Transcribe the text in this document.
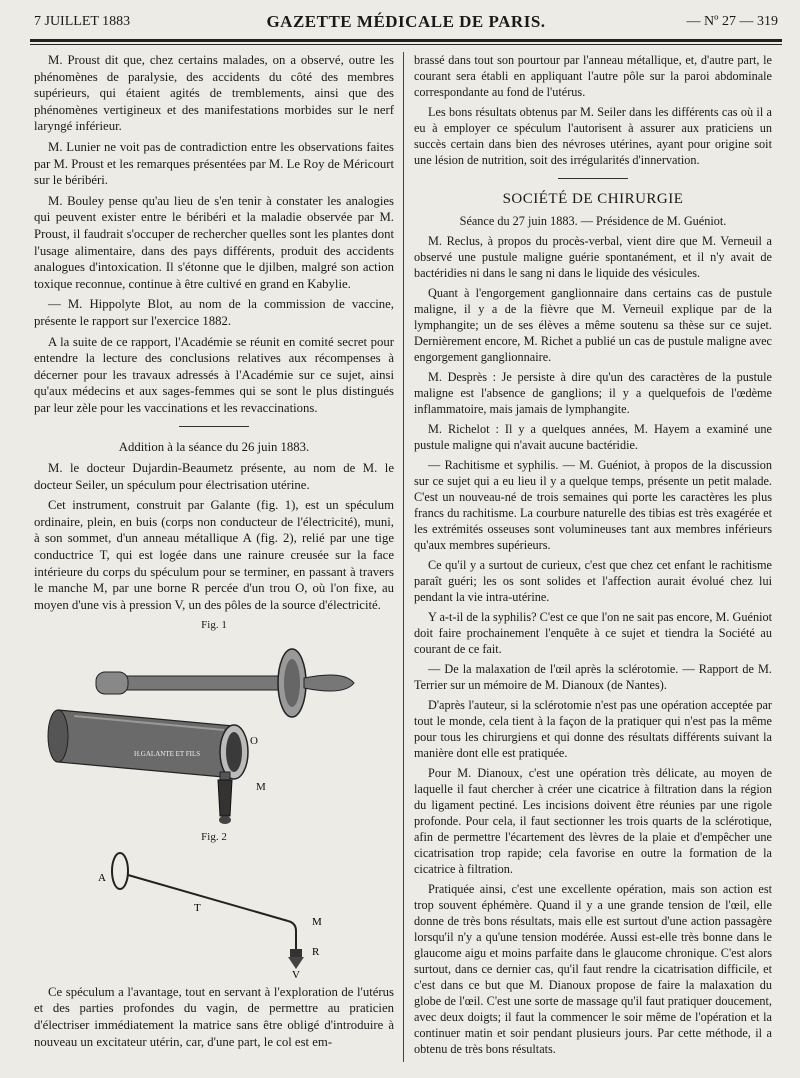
7 JUILLET 1883	GAZETTE MÉDICALE DE PARIS.	— Nº 27 — 319

M. Proust dit que, chez certains malades, on a observé, outre les phénomènes de paralysie, des accidents du côté des membres supérieurs, qui étaient agités de tremblements, ainsi que des phénomènes vertigineux et des manifestations morbides sur le nerf laryngé inférieur.

M. Lunier ne voit pas de contradiction entre les observations faites par M. Proust et les remarques présentées par M. Le Roy de Méricourt sur le béribéri.

M. Bouley pense qu'au lieu de s'en tenir à constater les analogies qui peuvent exister entre le béribéri et la maladie observée par M. Proust, il faudrait s'occuper de rechercher quelles sont les plantes dont l'usage alimentaire, dans des pays différents, produit des accidents analogues d'intoxication. Il s'étonne que le djilben, malgré son action toxique reconnue, continue à être cultivé en grand en Kabylie.

— M. Hippolyte Blot, au nom de la commission de vaccine, présente le rapport sur l'exercice 1882.

A la suite de ce rapport, l'Académie se réunit en comité secret pour entendre la lecture des conclusions relatives aux récompenses à décerner pour les travaux adressés à l'Académie sur ce sujet, ainsi qu'aux médecins et aux sages-femmes qui se sont le plus distingués par leur zèle pour les vaccinations et les revaccinations.

Addition à la séance du 26 juin 1883.

M. le docteur Dujardin-Beaumetz présente, au nom de M. le docteur Seiler, un spéculum pour électrisation utérine.

Cet instrument, construit par Galante (fig. 1), est un spéculum ordinaire, plein, en buis (corps non conducteur de l'électricité), muni, à son sommet, d'un anneau métallique A (fig. 2), relié par une tige conductrice T, qui est logée dans une rainure creusée sur la face intérieure du corps du spéculum pour se terminer, en passant à travers le manche M, par une borne R percée d'un trou O, où l'on fixe, au moyen d'une vis à pression V, un des pôles de la source d'électricité.

Fig. 1

H.GALANTE ET FILS
O
M

Fig. 2

A
T
M
R
V

Ce spéculum a l'avantage, tout en servant à l'exploration de l'utérus et des parties profondes du vagin, de permettre au praticien d'électriser immédiatement la matrice sans être obligé d'introduire à nouveau un excitateur utérin, car, d'une part, le col est em-

brassé dans tout son pourtour par l'anneau métallique, et, d'autre part, le courant sera établi en appliquant l'autre pôle sur la paroi abdominale correspondante au fond de l'utérus.

Les bons résultats obtenus par M. Seiler dans les différents cas où il a eu à employer ce spéculum l'autorisent à assurer aux praticiens un succès certain dans bien des névroses utérines, ayant pour origine soit une lésion de nutrition, soit des irrégularités d'innervation.

SOCIÉTÉ DE CHIRURGIE

Séance du 27 juin 1883. — Présidence de M. Guéniot.

M. Reclus, à propos du procès-verbal, vient dire que M. Verneuil a observé une pustule maligne guérie spontanément, et il n'y avait de bactéridies ni dans le sang ni dans le liquide des vésicules.

Quant à l'engorgement ganglionnaire dans certains cas de pustule maligne, il y a de la fièvre que M. Verneuil explique par de la lymphangite; un de ses élèves a même soutenu sa thèse sur ce sujet. Dernièrement encore, M. Richet a publié un cas de pustule maligne avec engorgement ganglionnaire.

M. Desprès : Je persiste à dire qu'un des caractères de la pustule maligne est l'absence de ganglions; il y a quelquefois de l'œdème inflammatoire, mais jamais de lymphangite.

M. Richelot : Il y a quelques années, M. Hayem a examiné une pustule maligne qui n'avait aucune bactéridie.

— Rachitisme et syphilis. — M. Guéniot, à propos de la discussion sur ce sujet qui a eu lieu il y a quelque temps, présente un petit malade. C'est un nouveau-né de trois semaines qui porte les caractères les plus francs du rachitisme. La courbure naturelle des tibias est très exagérée et les extrémités osseuses sont volumineuses tant aux membres inférieurs qu'aux membres supérieurs.

Ce qu'il y a surtout de curieux, c'est que chez cet enfant le rachitisme paraît guéri; les os sont solides et l'affection aurait évolué chez lui pendant la vie intra-utérine.

Y a-t-il de la syphilis? C'est ce que l'on ne sait pas encore, M. Guéniot doit faire prochainement l'enquête à ce sujet et tiendra la Société au courant de ce fait.

— De la malaxation de l'œil après la sclérotomie. — Rapport de M. Terrier sur un mémoire de M. Dianoux (de Nantes).

D'après l'auteur, si la sclérotomie n'est pas une opération acceptée par tout le monde, cela tient à la façon de la pratiquer qui n'est pas la même pour tous les chirurgiens et qui donne des résultats différents suivant la manière dont elle est pratiquée.

Pour M. Dianoux, c'est une opération très délicate, au moyen de laquelle il faut chercher à créer une cicatrice à filtration dans la région du ligament pectiné. Les incisions doivent être réunies par une rigole profonde. Pour cela, il faut sectionner les trois quarts de la sclérotique, afin de permettre l'écartement des lèvres de la plaie et d'empêcher une cicatrisation trop rapide; cela favorise en outre la formation de la cicatrice à filtration.

Pratiquée ainsi, c'est une excellente opération, mais son action est trop souvent éphémère. Quand il y a une grande tension de l'œil, elle donne de très bons résultats, mais elle est surtout d'une action passagère lorsqu'il n'y a qu'une tension modérée. Aussi est-elle très bonne dans le glaucome aigu et moins parfaite dans le glaucome chronique. C'est alors surtout, dans ce dernier cas, qu'il faut rendre la cicatrisation difficile, et c'est dans ce but que M. Dianoux propose de faire la malaxation du globe de l'œil. C'est une sorte de massage qu'il faut pratiquer doucement, avec deux doigts; il faut la commencer le soir même de l'opération et la continuer matin et soir pendant plusieurs jours. Par cette méthode, il a obtenu de très bons résultats.
